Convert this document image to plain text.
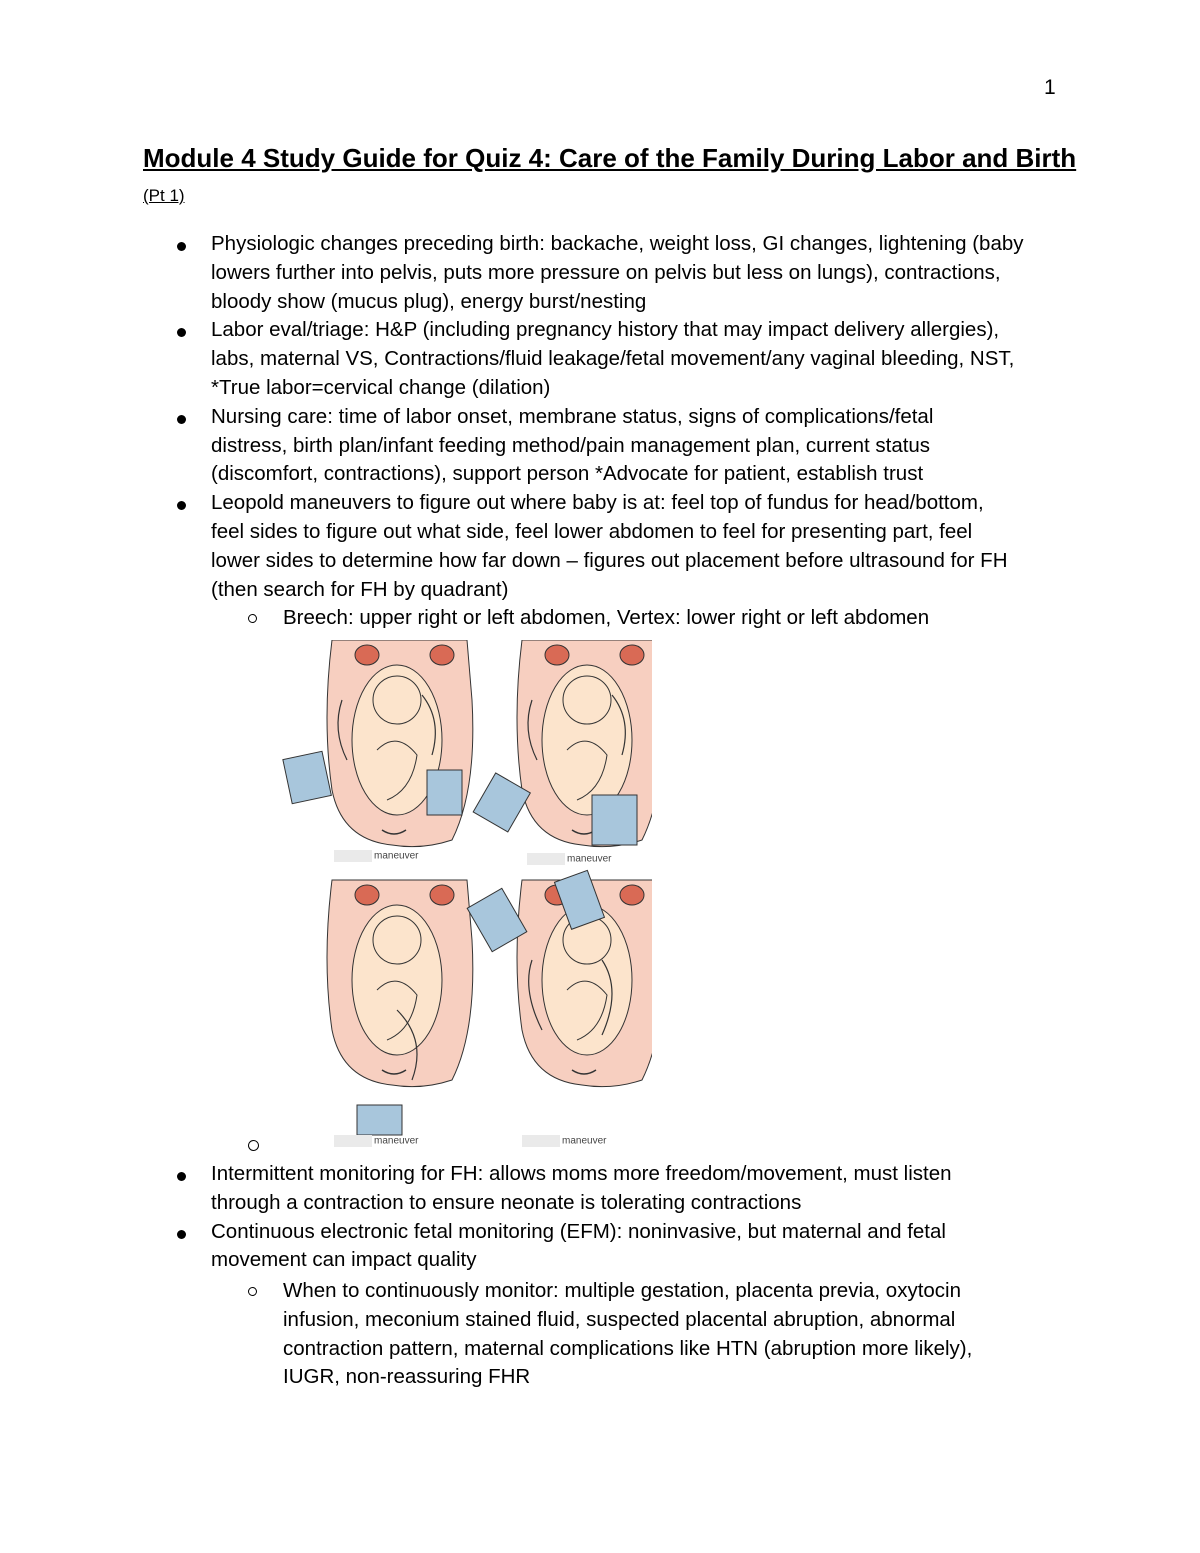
1
Module 4 Study Guide for Quiz 4: Care of the Family During Labor and Birth
(Pt 1)
Physiologic changes preceding birth: backache, weight loss, GI changes, lightening (baby
lowers further into pelvis, puts more pressure on pelvis but less on lungs), contractions,
bloody show (mucus plug), energy burst/nesting
Labor eval/triage: H&P (including pregnancy history that may impact delivery allergies),
labs, maternal VS, Contractions/fluid leakage/fetal movement/any vaginal bleeding, NST,
*True labor=cervical change (dilation)
Nursing care: time of labor onset, membrane status, signs of complications/fetal
distress, birth plan/infant feeding method/pain management plan, current status
(discomfort, contractions), support person *Advocate for patient, establish trust
Leopold maneuvers to figure out where baby is at: feel top of fundus for head/bottom,
feel sides to figure out what side, feel lower abdomen to feel for presenting part, feel
lower sides to determine how far down – figures out placement before ultrasound for FH
(then search for FH by quadrant)
Breech: upper right or left abdomen, Vertex: lower right or left abdomen
maneuver	maneuver
maneuver	maneuver
Intermittent monitoring for FH: allows moms more freedom/movement, must listen
through a contraction to ensure neonate is tolerating contractions
Continuous electronic fetal monitoring (EFM): noninvasive, but maternal and fetal
movement can impact quality
When to continuously monitor: multiple gestation, placenta previa, oxytocin
infusion, meconium stained fluid, suspected placental abruption, abnormal
contraction pattern, maternal complications like HTN (abruption more likely),
IUGR, non-reassuring FHR
